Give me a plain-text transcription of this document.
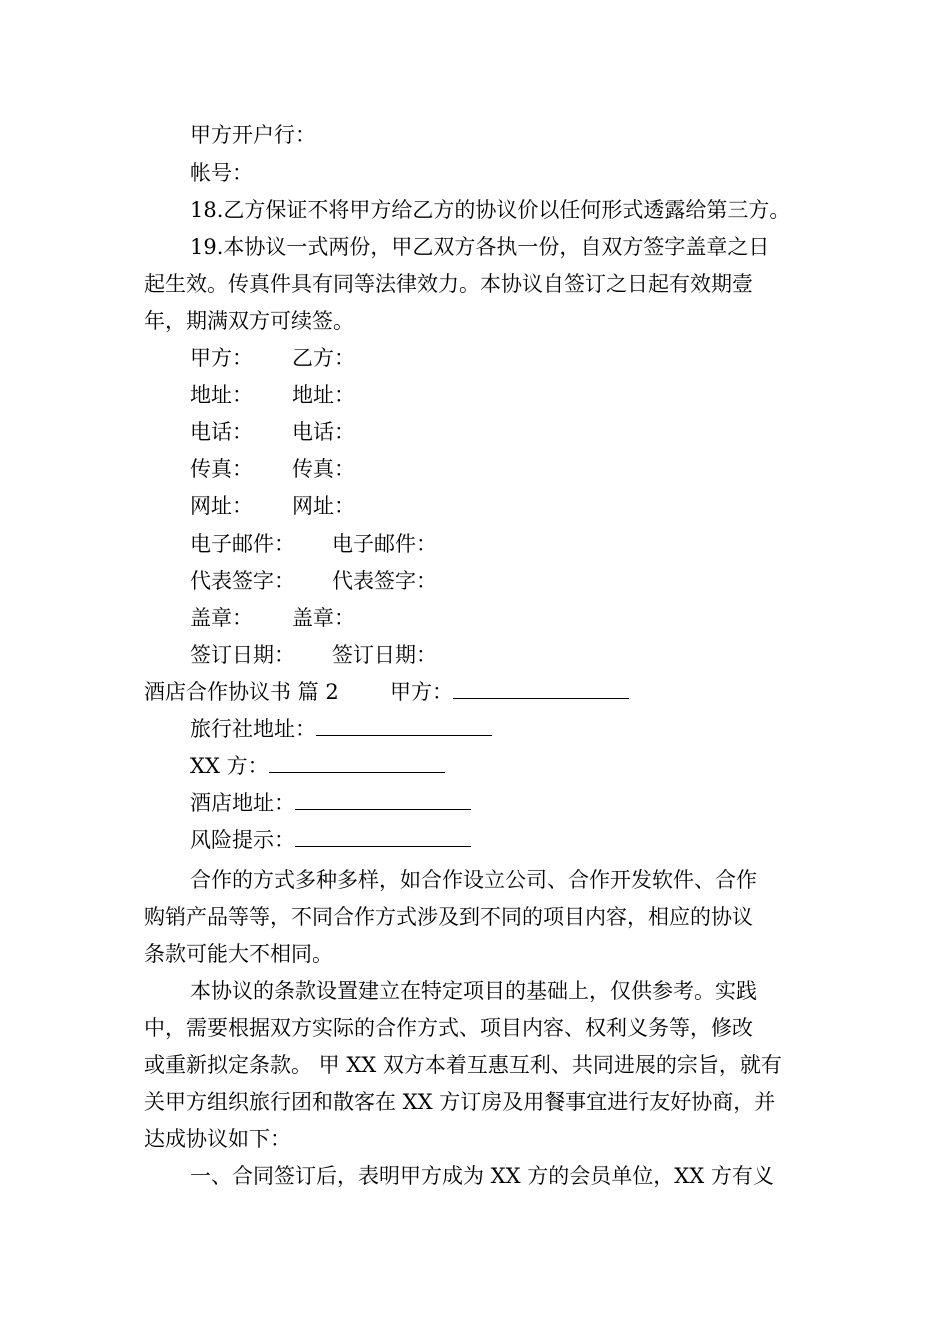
甲方开户行：
帐号：
18.乙方保证不将甲方给乙方的协议价以任何形式透露给第三方。
19.本协议一式两份，甲乙双方各执一份，自双方签字盖章之日
起生效。传真件具有同等法律效力。本协议自签订之日起有效期壹
年，期满双方可续签。
甲方： 乙方：
地址： 地址：
电话： 电话：
传真： 传真：
网址： 网址：
电子邮件： 电子邮件：
代表签字： 代表签字：
盖章： 盖章：
签订日期： 签订日期：
酒店合作协议书 篇 2 甲方：
旅行社地址：
XX 方：
酒店地址：
风险提示：
合作的方式多种多样，如合作设立公司、合作开发软件、合作
购销产品等等，不同合作方式涉及到不同的项目内容，相应的协议
条款可能大不相同。
本协议的条款设置建立在特定项目的基础上，仅供参考。实践
中，需要根据双方实际的合作方式、项目内容、权利义务等，修改
或重新拟定条款。 甲 XX 双方本着互惠互利、共同进展的宗旨，就有
关甲方组织旅行团和散客在 XX 方订房及用餐事宜进行友好协商，并
达成协议如下：
一、合同签订后，表明甲方成为 XX 方的会员单位，XX 方有义
